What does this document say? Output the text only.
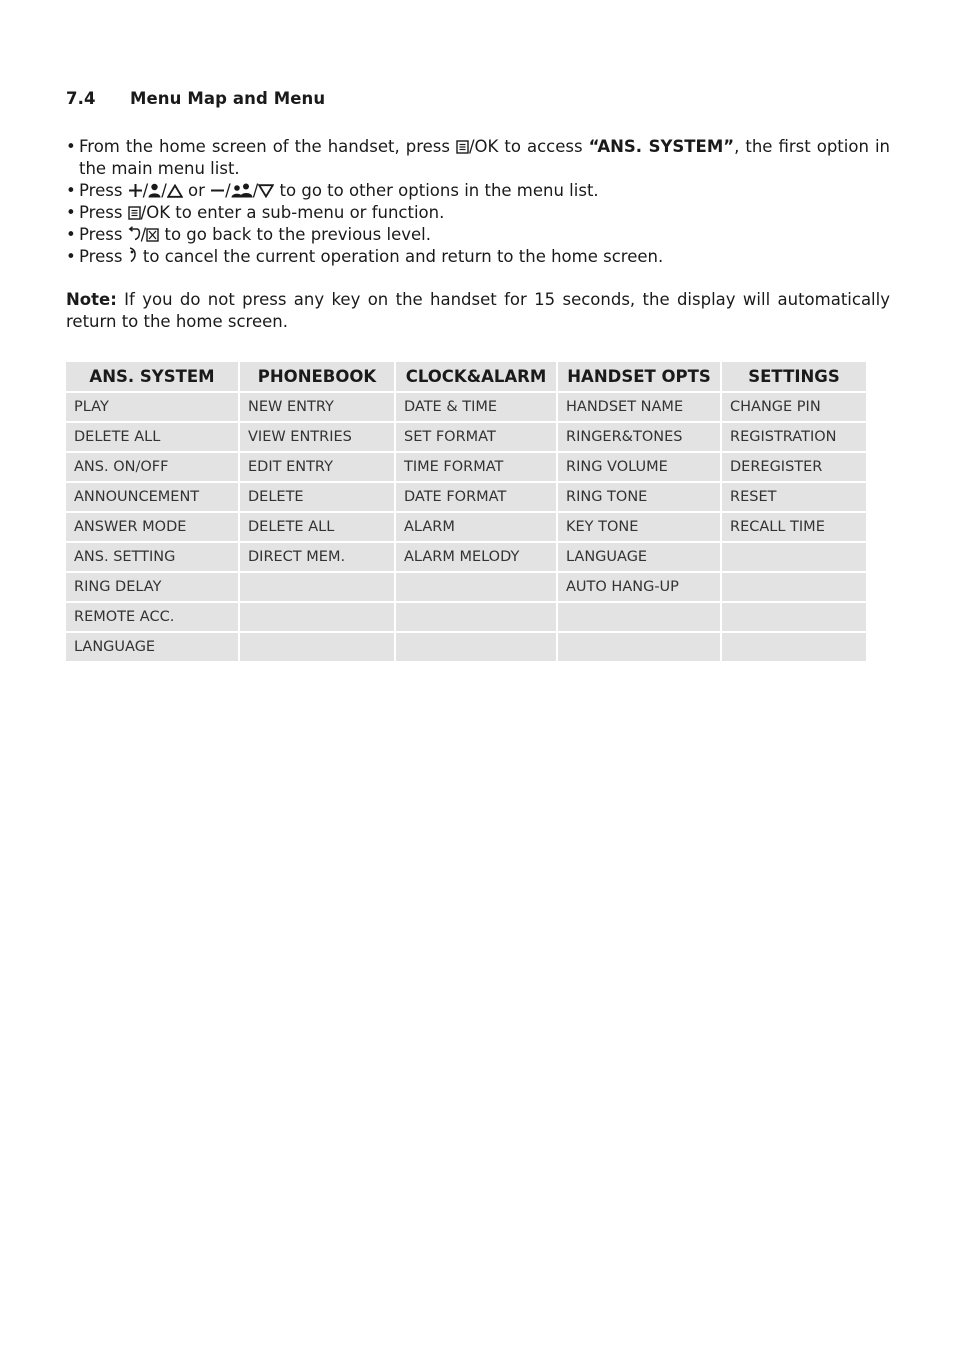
7.4 Menu Map and Menu
• From the home screen of the handset, press /OK to access “ANS. SYSTEM”, the first option in the main menu list.
• Press / / or / / to go to other options in the menu list.
• Press /OK to enter a sub-menu or function.
• Press / to go back to the previous level.
• Press  to cancel the current operation and return to the home screen.

Note: If you do not press any key on the handset for 15 seconds, the display will automatically return to the home screen.

ANS. SYSTEM	PHONEBOOK	CLOCK&ALARM	HANDSET OPTS	SETTINGS
PLAY	NEW ENTRY	DATE & TIME	HANDSET NAME	CHANGE PIN
DELETE ALL	VIEW ENTRIES	SET FORMAT	RINGER&TONES	REGISTRATION
ANS. ON/OFF	EDIT ENTRY	TIME FORMAT	RING VOLUME	DEREGISTER
ANNOUNCEMENT	DELETE	DATE FORMAT	RING TONE	RESET
ANSWER MODE	DELETE ALL	ALARM	KEY TONE	RECALL TIME
ANS. SETTING	DIRECT MEM.	ALARM MELODY	LANGUAGE	
RING DELAY			AUTO HANG-UP	
REMOTE ACC.				
LANGUAGE				
